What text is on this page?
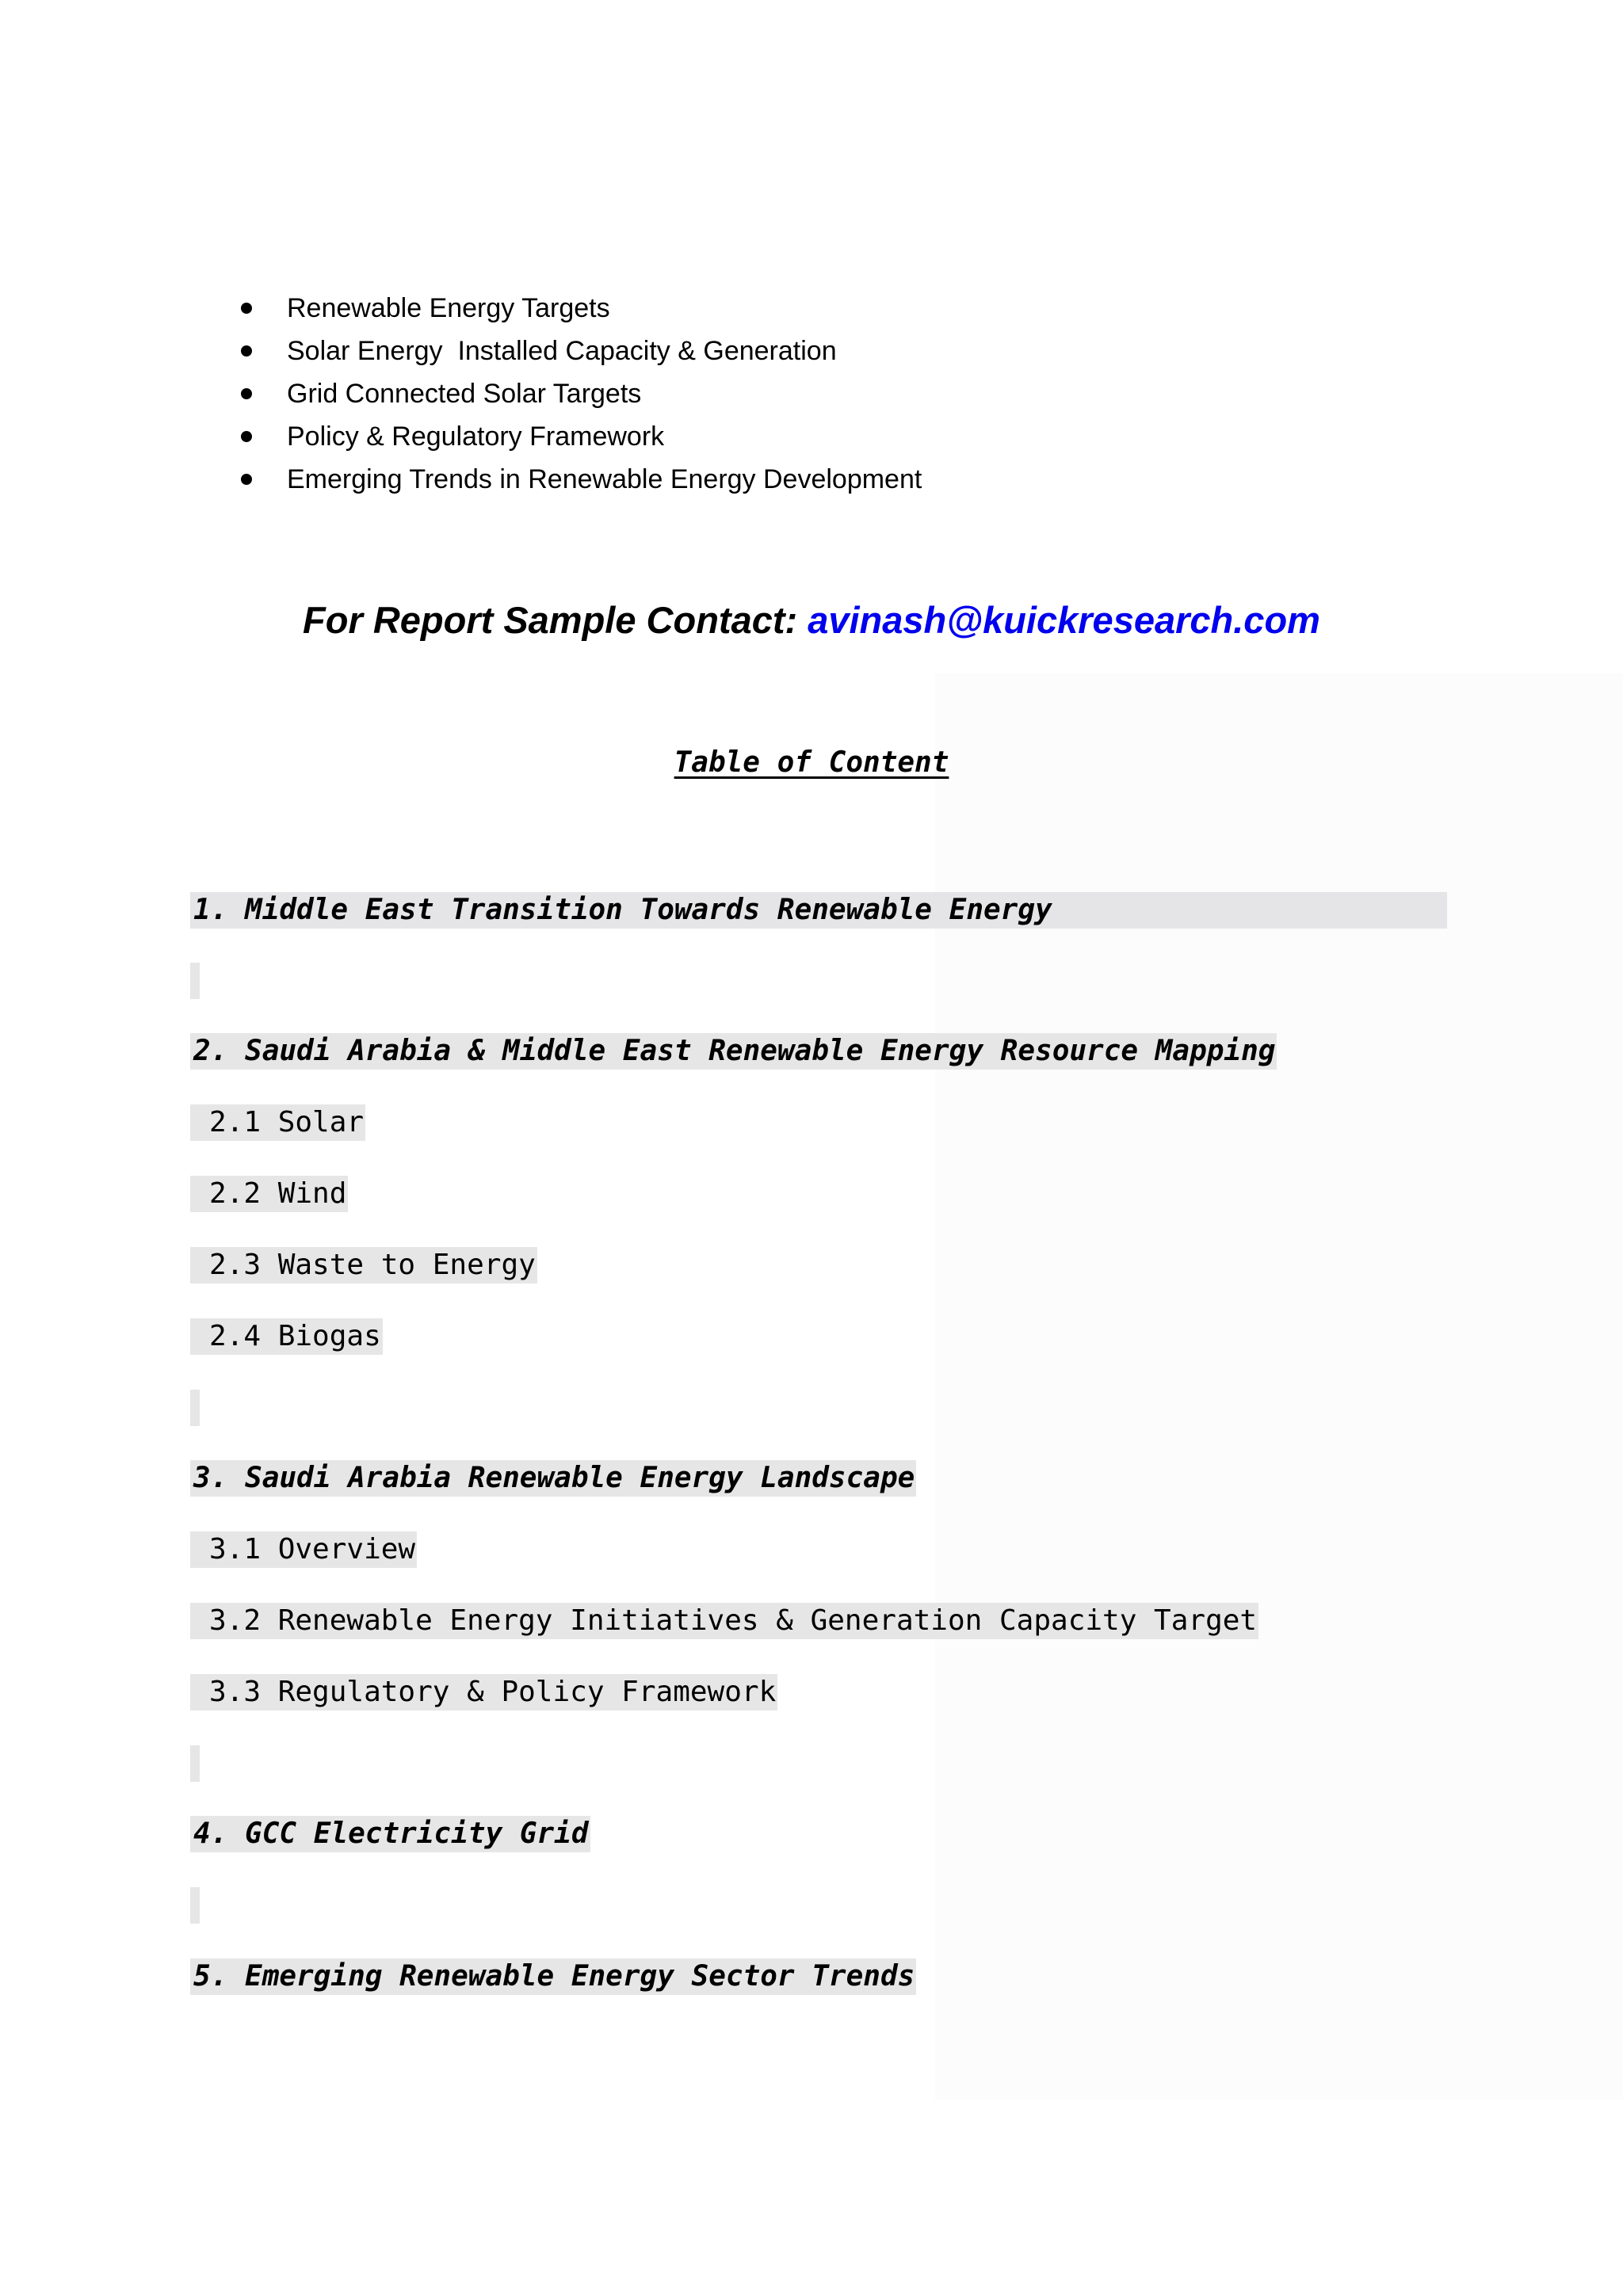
Renewable Energy Targets
Solar Energy  Installed Capacity & Generation
Grid Connected Solar Targets
Policy & Regulatory Framework
Emerging Trends in Renewable Energy Development
For Report Sample Contact: avinash@kuickresearch.com
Table of Content
1. Middle East Transition Towards Renewable Energy
2. Saudi Arabia & Middle East Renewable Energy Resource Mapping
2.1 Solar
2.2 Wind
2.3 Waste to Energy
2.4 Biogas
3. Saudi Arabia Renewable Energy Landscape
3.1 Overview
3.2 Renewable Energy Initiatives & Generation Capacity Target
3.3 Regulatory & Policy Framework
4. GCC Electricity Grid
5. Emerging Renewable Energy Sector Trends
